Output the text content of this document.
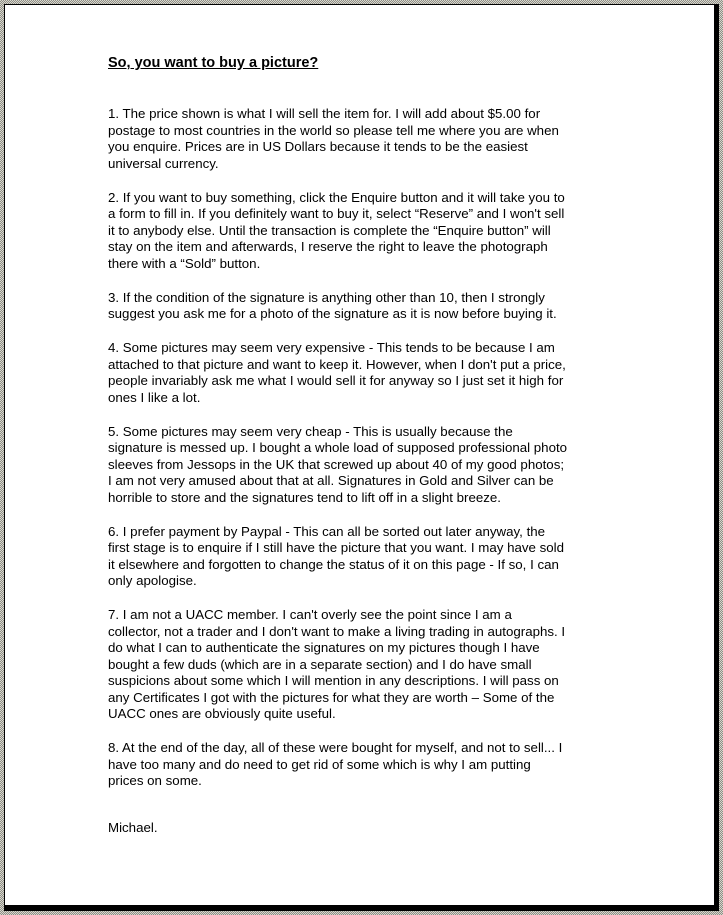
So, you want to buy a picture?
1. The price shown is what I will sell the item for. I will add about $5.00 for
postage to most countries in the world so please tell me where you are when
you enquire. Prices are in US Dollars because it tends to be the easiest
universal currency.
2. If you want to buy something, click the Enquire button and it will take you to
a form to fill in. If you definitely want to buy it, select “Reserve” and I won't sell
it to anybody else. Until the transaction is complete the “Enquire button” will
stay on the item and afterwards, I reserve the right to leave the photograph
there with a “Sold” button.
3. If the condition of the signature is anything other than 10, then I strongly
suggest you ask me for a photo of the signature as it is now before buying it.
4. Some pictures may seem very expensive - This tends to be because I am
attached to that picture and want to keep it. However, when I don't put a price,
people invariably ask me what I would sell it for anyway so I just set it high for
ones I like a lot.
5. Some pictures may seem very cheap - This is usually because the
signature is messed up. I bought a whole load of supposed professional photo
sleeves from Jessops in the UK that screwed up about 40 of my good photos;
I am not very amused about that at all. Signatures in Gold and Silver can be
horrible to store and the signatures tend to lift off in a slight breeze.
6. I prefer payment by Paypal - This can all be sorted out later anyway, the
first stage is to enquire if I still have the picture that you want. I may have sold
it elsewhere and forgotten to change the status of it on this page - If so, I can
only apologise.
7. I am not a UACC member. I can't overly see the point since I am a
collector, not a trader and I don't want to make a living trading in autographs. I
do what I can to authenticate the signatures on my pictures though I have
bought a few duds (which are in a separate section) and I do have small
suspicions about some which I will mention in any descriptions. I will pass on
any Certificates I got with the pictures for what they are worth – Some of the
UACC ones are obviously quite useful.
8. At the end of the day, all of these were bought for myself, and not to sell... I
have too many and do need to get rid of some which is why I am putting
prices on some.
Michael.
